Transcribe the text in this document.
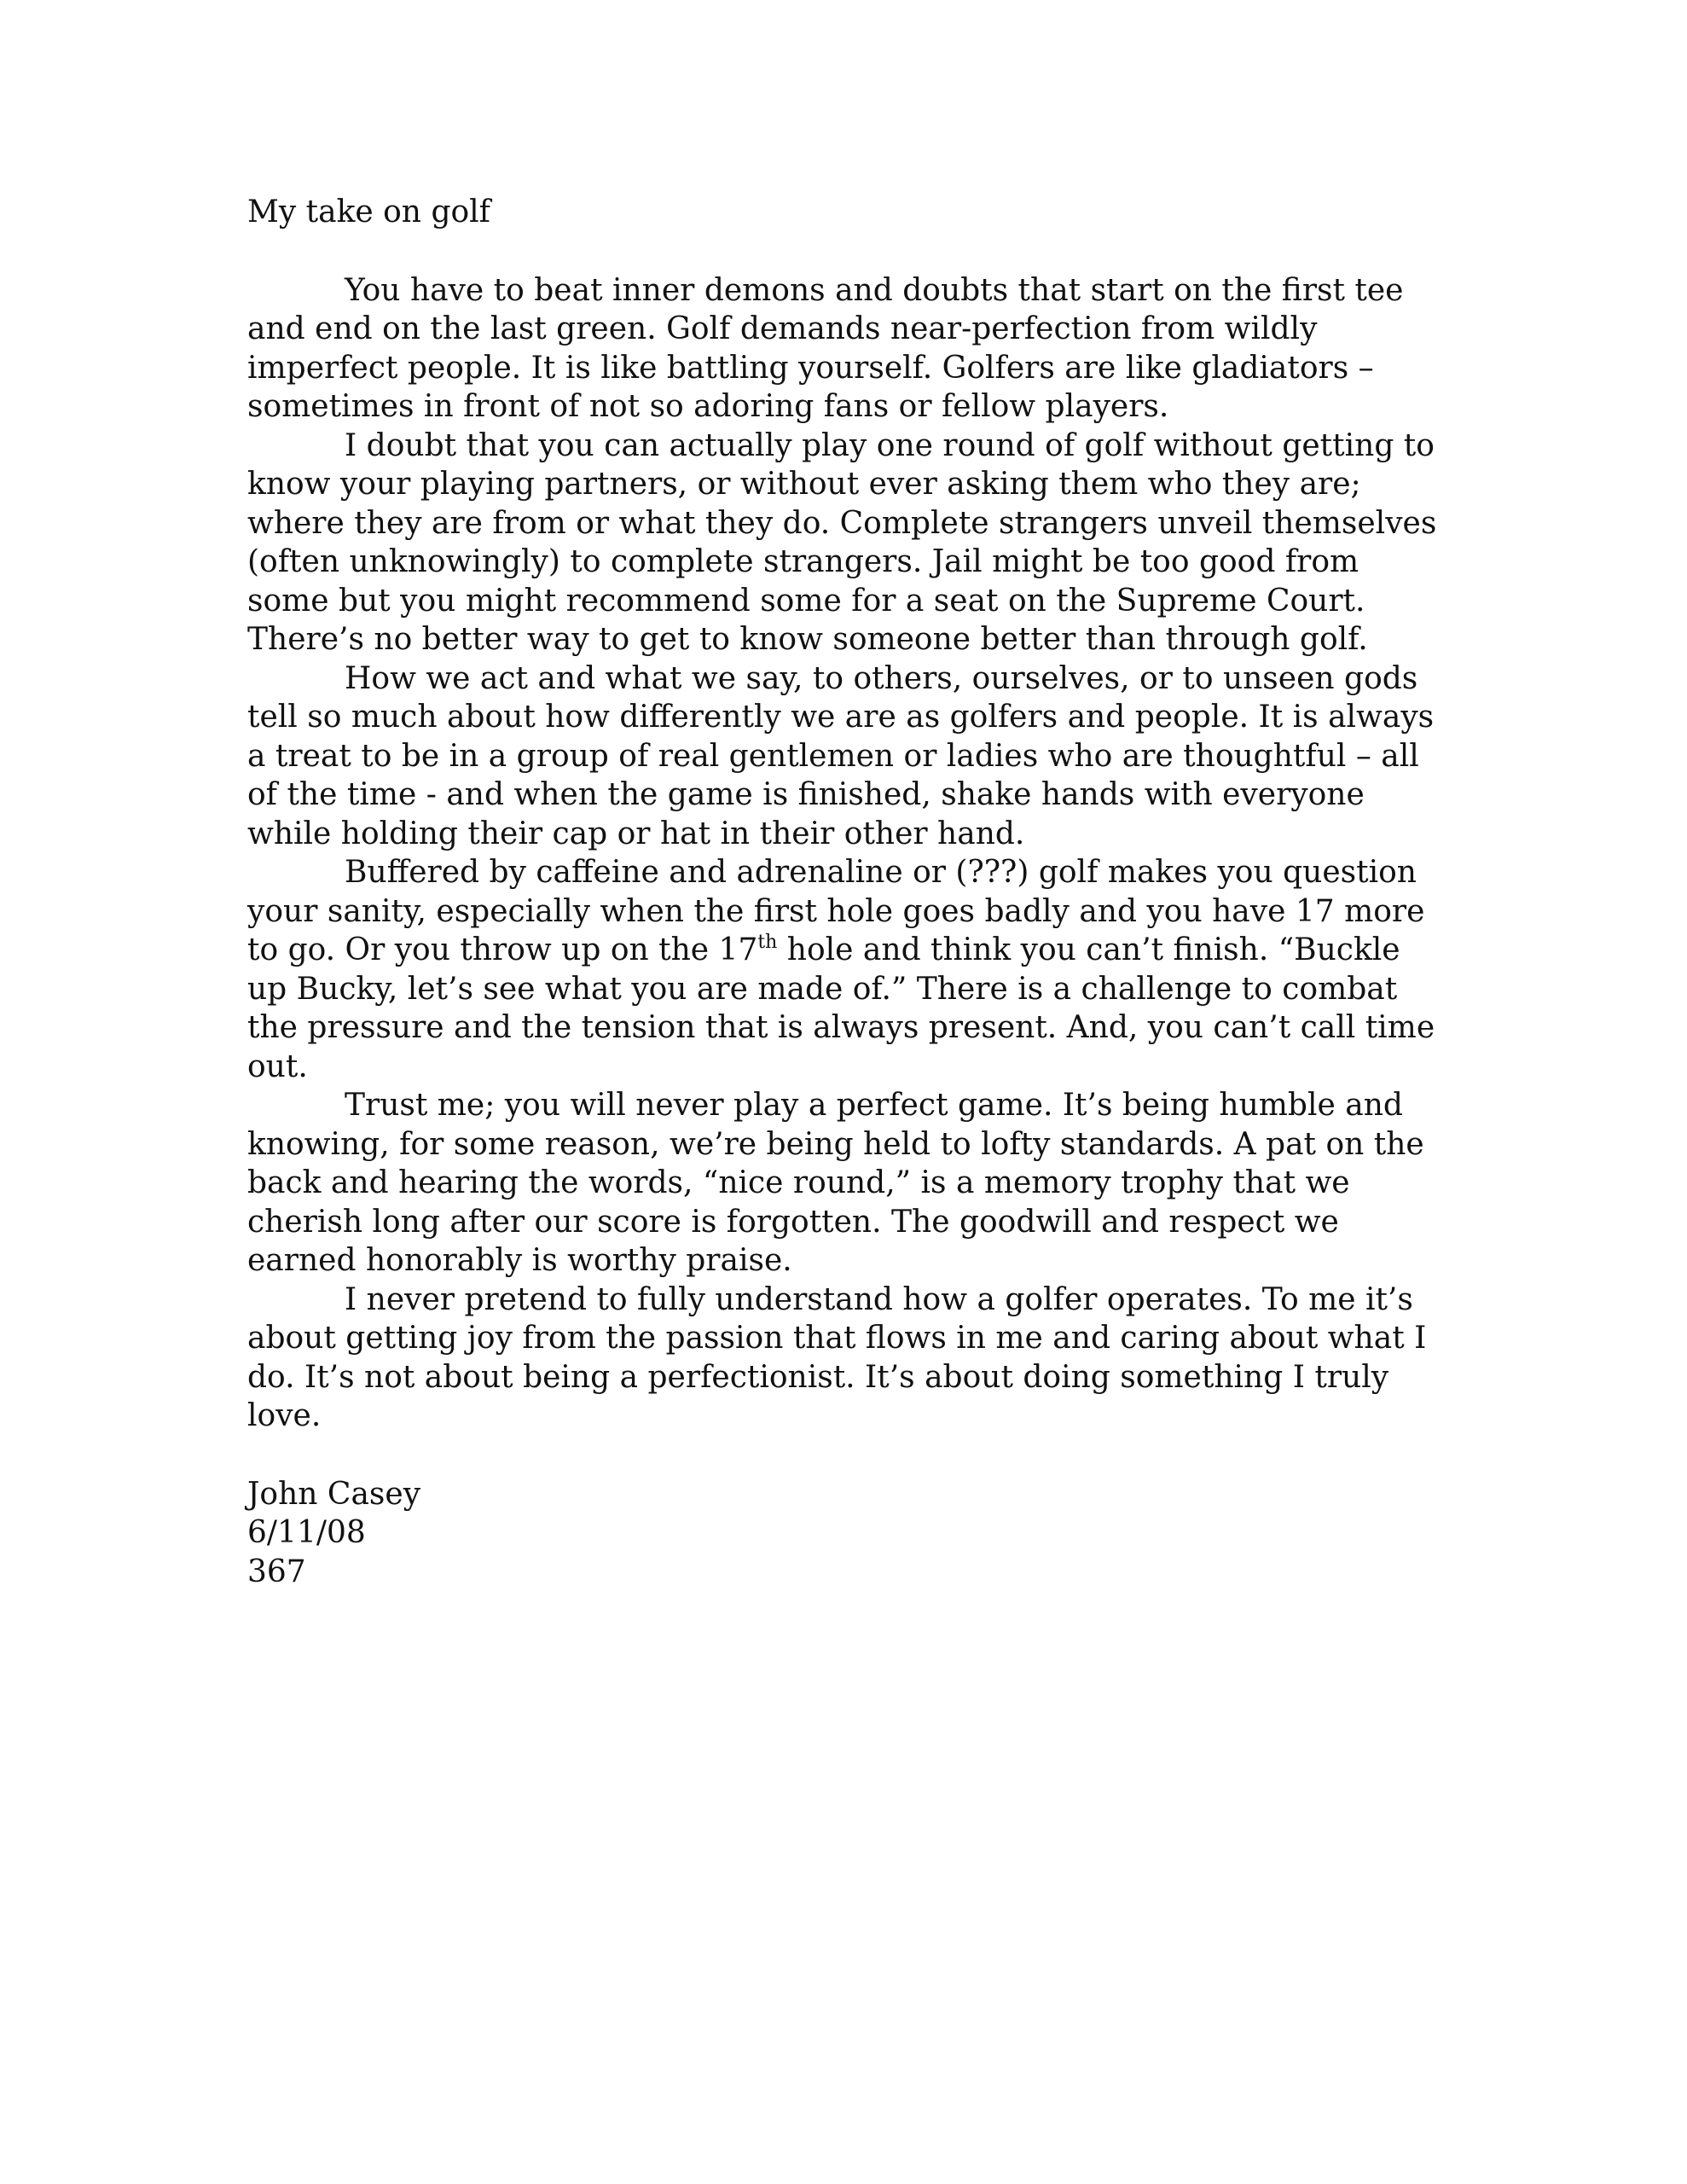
My take on golf

You have to beat inner demons and doubts that start on the first tee and end on the last green. Golf demands near-perfection from wildly imperfect people. It is like battling yourself. Golfers are like gladiators – sometimes in front of not so adoring fans or fellow players.

I doubt that you can actually play one round of golf without getting to know your playing partners, or without ever asking them who they are; where they are from or what they do. Complete strangers unveil themselves (often unknowingly) to complete strangers. Jail might be too good from some but you might recommend some for a seat on the Supreme Court. There’s no better way to get to know someone better than through golf.

How we act and what we say, to others, ourselves, or to unseen gods tell so much about how differently we are as golfers and people. It is always a treat to be in a group of real gentlemen or ladies who are thoughtful – all of the time - and when the game is finished, shake hands with everyone while holding their cap or hat in their other hand.

Buffered by caffeine and adrenaline or (???) golf makes you question your sanity, especially when the first hole goes badly and you have 17 more to go. Or you throw up on the 17th hole and think you can’t finish. “Buckle up Bucky, let’s see what you are made of.” There is a challenge to combat the pressure and the tension that is always present. And, you can’t call time out.

Trust me; you will never play a perfect game. It’s being humble and knowing, for some reason, we’re being held to lofty standards. A pat on the back and hearing the words, “nice round,” is a memory trophy that we cherish long after our score is forgotten. The goodwill and respect we earned honorably is worthy praise.

I never pretend to fully understand how a golfer operates. To me it’s about getting joy from the passion that flows in me and caring about what I do. It’s not about being a perfectionist. It’s about doing something I truly love.

John Casey
6/11/08
367
